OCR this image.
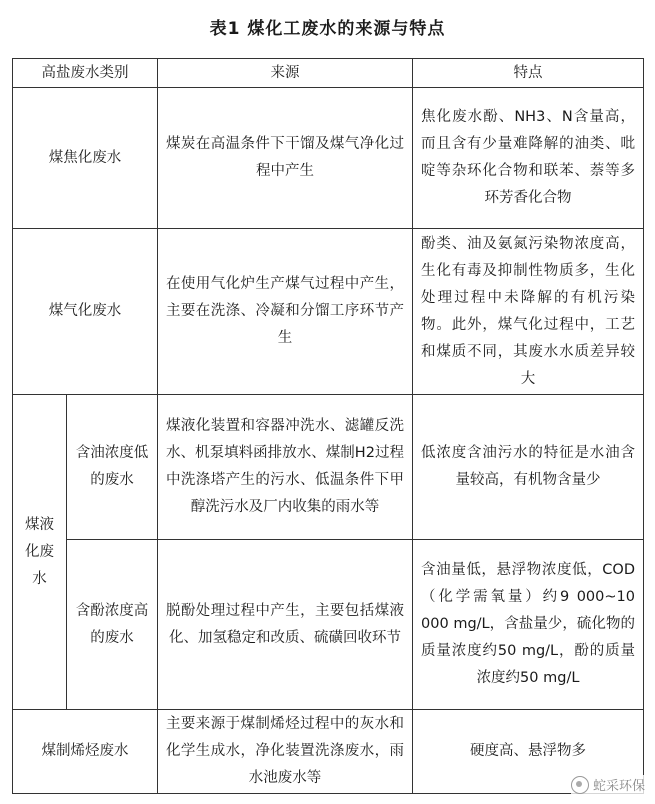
表1 煤化工废水的来源与特点
高盐废水类别		来源	特点
煤焦化废水		煤炭在高温条件下干馏及煤气净化过程中产生	焦化废水酚、NH3、N含量高，而且含有少量难降解的油类、吡啶等杂环化合物和联苯、萘等多环芳香化合物
煤气化废水		在使用气化炉生产煤气过程中产生，主要在洗涤、冷凝和分馏工序环节产生	酚类、油及氨氮污染物浓度高，生化有毒及抑制性物质多，生化处理过程中未降解的有机污染物。此外，煤气化过程中，工艺和煤质不同，其废水水质差异较大
煤液化废水	含油浓度低的废水	煤液化装置和容器冲洗水、滤罐反洗水、机泵填料函排放水、煤制H2过程中洗涤塔产生的污水、低温条件下甲醇洗污水及厂内收集的雨水等	低浓度含油污水的特征是水油含量较高，有机物含量少
	含酚浓度高的废水	脱酚处理过程中产生，主要包括煤液化、加氢稳定和改质、硫磺回收环节	含油量低，悬浮物浓度低，COD（化学需氧量）约9 000~10 000 mg/L，含盐量少，硫化物的质量浓度约50 mg/L，酚的质量浓度约50 mg/L
煤制烯烃废水		主要来源于煤制烯烃过程中的灰水和化学生成水，净化装置洗涤废水，雨水池废水等	硬度高、悬浮物多
蛇采环保
